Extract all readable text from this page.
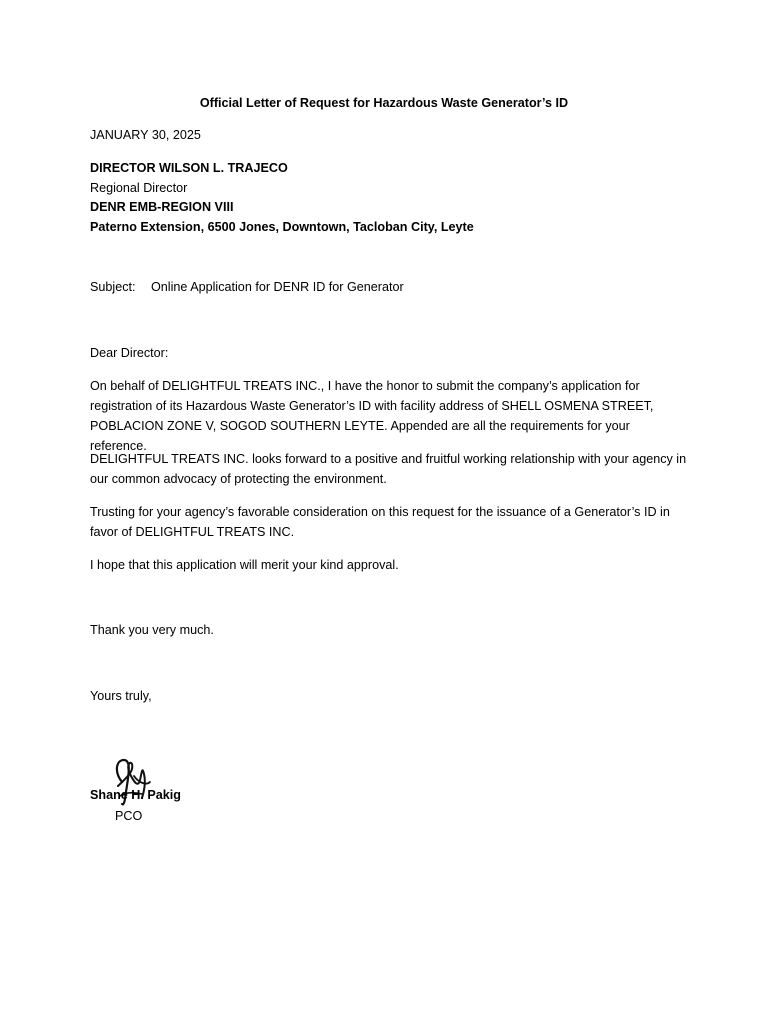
Official Letter of Request for Hazardous Waste Generator’s ID
JANUARY 30, 2025
DIRECTOR WILSON L. TRAJECO
Regional Director
DENR EMB-REGION VIII
Paterno Extension, 6500 Jones, Downtown, Tacloban City, Leyte
Subject: Online Application for DENR ID for Generator
Dear Director:
On behalf of DELIGHTFUL TREATS INC., I have the honor to submit the company’s application for registration of its Hazardous Waste Generator’s ID with facility address of SHELL OSMENA STREET, POBLACION ZONE V, SOGOD SOUTHERN LEYTE. Appended are all the requirements for your reference.
DELIGHTFUL TREATS INC. looks forward to a positive and fruitful working relationship with your agency in our common advocacy of protecting the environment.
Trusting for your agency’s favorable consideration on this request for the issuance of a Generator’s ID in favor of DELIGHTFUL TREATS INC.
I hope that this application will merit your kind approval.
Thank you very much.
Yours truly,
Shane H. Pakig
PCO
